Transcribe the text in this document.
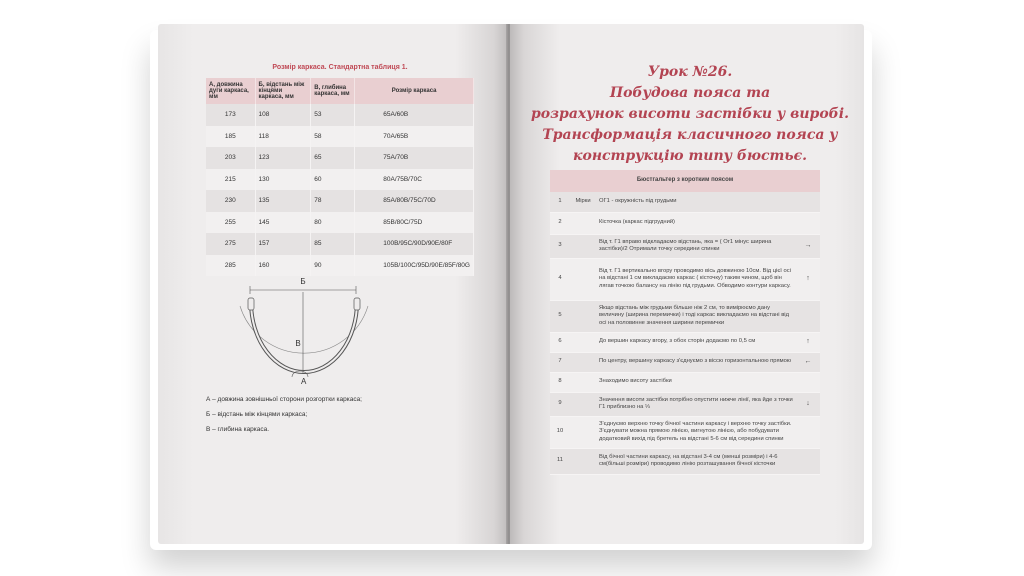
Розмір каркаса. Стандартна таблиця 1.
А, довжина дуги каркаса, мм	Б, відстань між кінцями каркаса, мм	В, глибина каркаса, мм	Розмір каркаса
173	108	53	65A/60B
185	118	58	70A/65B
203	123	65	75A/70B
215	130	60	80A/75B/70C
230	135	78	85A/80B/75C/70D
255	145	80	85B/80C/75D
275	157	85	100B/95C/90D/90E/80F
285	160	90	105B/100C/95D/90E/85F/80G
Б
В
А
А – довжина зовнішньої сторони розгортки каркаса;
Б – відстань між кінцями каркаса;
В – глибина каркаса.
Урок №26.
Побудова пояса та
розрахунок висоти застібки у виробі.
Трансформація класичного пояса у
конструкцію типу бюстьє.
Бюстгальтер з коротким поясом			
1	Мірки	ОГ1 - окружність під грудьми	
2		Кісточка (каркас підгрудний)	
3		Від т. Г1 вправо відкладаємо відстань, яка = ( Ог1 мінус ширина застібки)/2 Отримали точку середини спинки	→
4		Від т. Г1 вертикально вгору проводимо вісь довжиною 10см. Від цієї осі на відстані 1 см викладаємо каркас ( кісточку) таким чином, щоб він лягав точкою балансу на лінію під грудьми. Обводимо контури каркасу.	↑
5		Якщо відстань між грудьми більше ніж 2 см, то вимірюємо дану величину (ширина перемички) і тоді каркас викладаємо на відстані від осі на половинне значення ширини перемички	
6		До вершин каркасу вгору, з обох сторін додаємо по 0,5 см	↑
7		По центру, вершину каркасу з'єднуємо з віссю горизонтальною прямою	←
8		Знаходимо висоту застібки	
9		Значення висоти застібки потрібно опустити нижче лінії, яка йде з точки Г1 приблизно на ⅓	↓
10		З'єднуємо верхню точку бічної частини каркасу і верхню точку застібки. З'єднувати можна прямою лінією, вигнутою лінією, або побудувати додатковий вихід під бретель на відстані 5-6 см від середини спинки	
11		Від бічної частини каркасу, на відстані 3-4 см (менші розміри) і 4-6 см(більші розміри) проводимо лінію розташування бічної кісточки	
